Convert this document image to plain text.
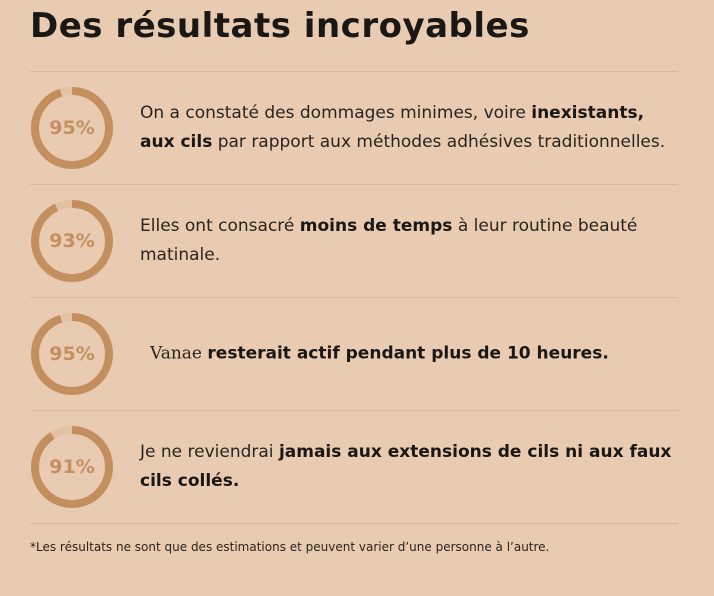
Des résultats incroyables
95%
On a constaté des dommages minimes, voire inexistants, aux cils par rapport aux méthodes adhésives traditionnelles.
93%
Elles ont consacré moins de temps à leur routine beauté matinale.
95%	Vanae resterait actif pendant plus de 10 heures.
91%
Je ne reviendrai jamais aux extensions de cils ni aux faux cils collés.
*Les résultats ne sont que des estimations et peuvent varier d’une personne à l’autre.
